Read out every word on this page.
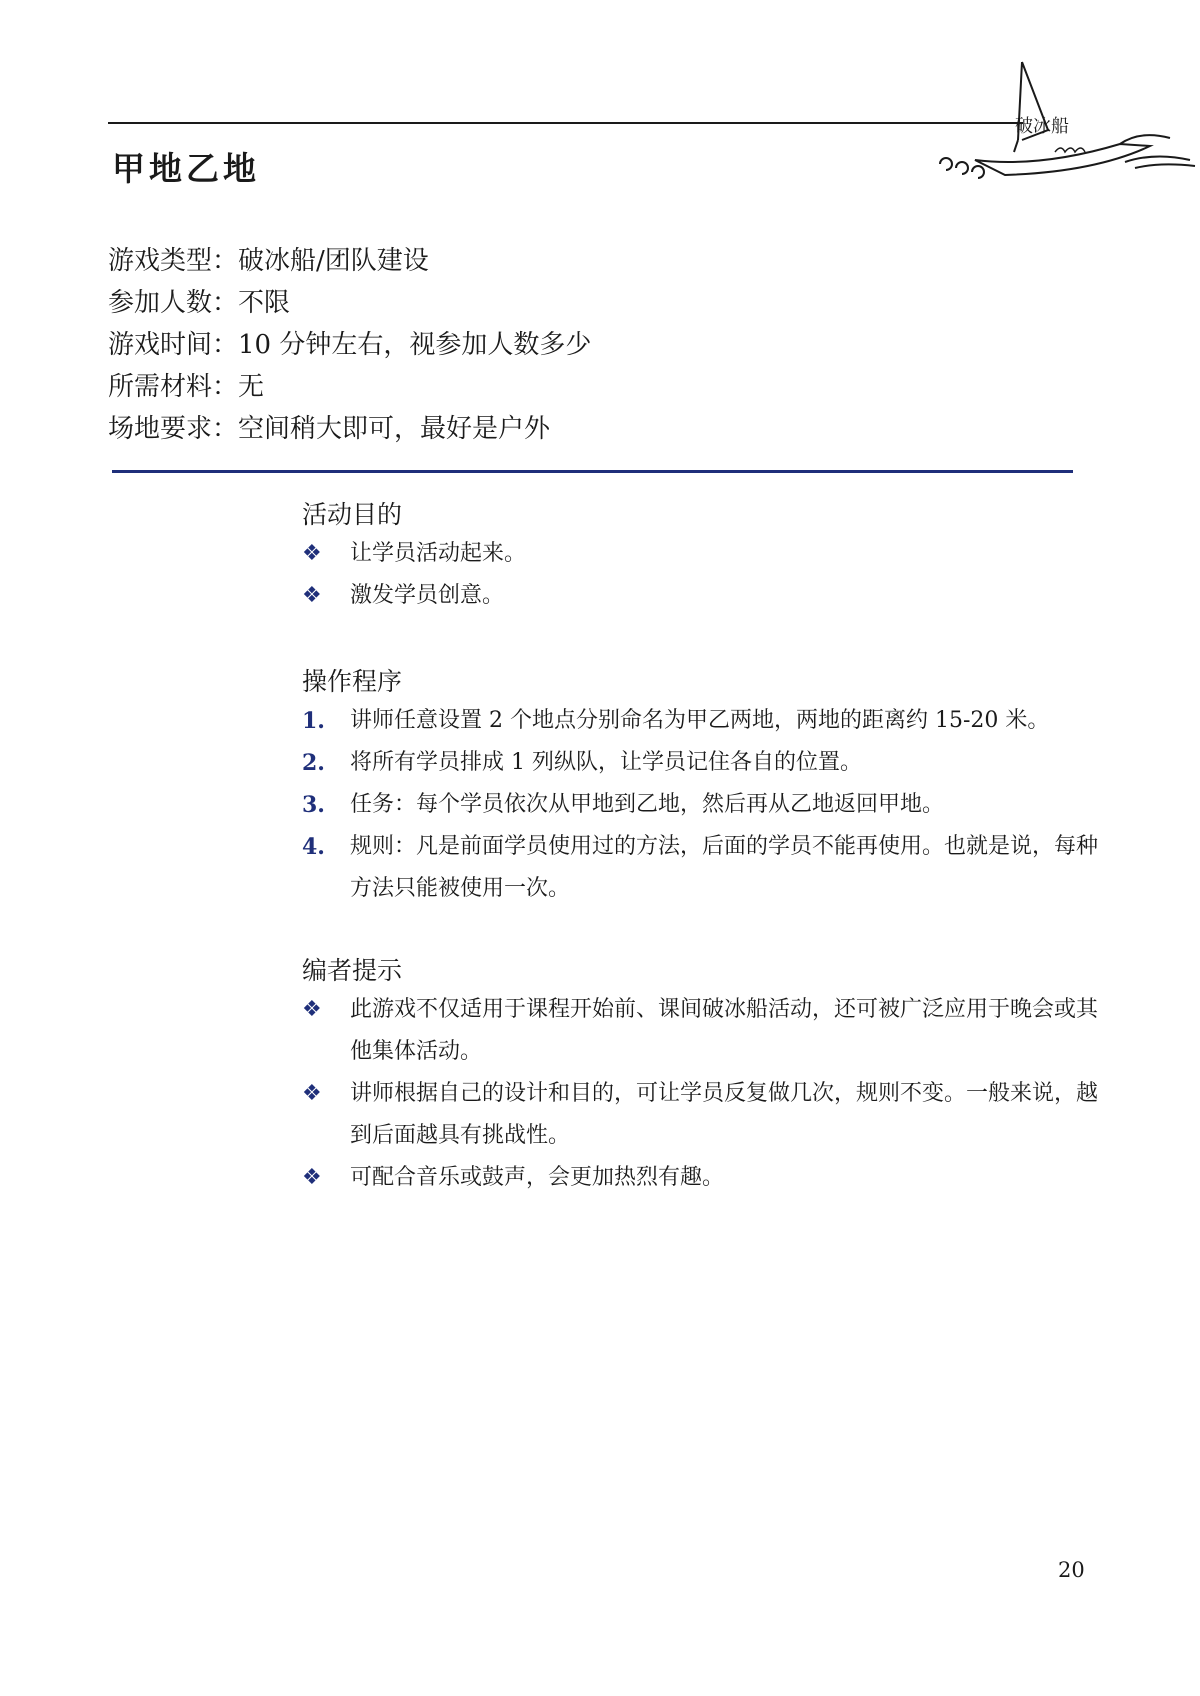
甲地乙地
破冰船
游戏类型：破冰船/团队建设
参加人数：不限
游戏时间：10 分钟左右，视参加人数多少
所需材料：无
场地要求：空间稍大即可，最好是户外
活动目的
❖	让学员活动起来。
❖	激发学员创意。
操作程序
1.	讲师任意设置 2 个地点分别命名为甲乙两地，两地的距离约 15-20 米。
2.	将所有学员排成 1 列纵队，让学员记住各自的位置。
3.	任务：每个学员依次从甲地到乙地，然后再从乙地返回甲地。
4.	规则：凡是前面学员使用过的方法，后面的学员不能再使用。也就是说，每种方法只能被使用一次。
编者提示
❖	此游戏不仅适用于课程开始前、课间破冰船活动，还可被广泛应用于晚会或其他集体活动。
❖	讲师根据自己的设计和目的，可让学员反复做几次，规则不变。一般来说，越到后面越具有挑战性。
❖	可配合音乐或鼓声，会更加热烈有趣。
20
